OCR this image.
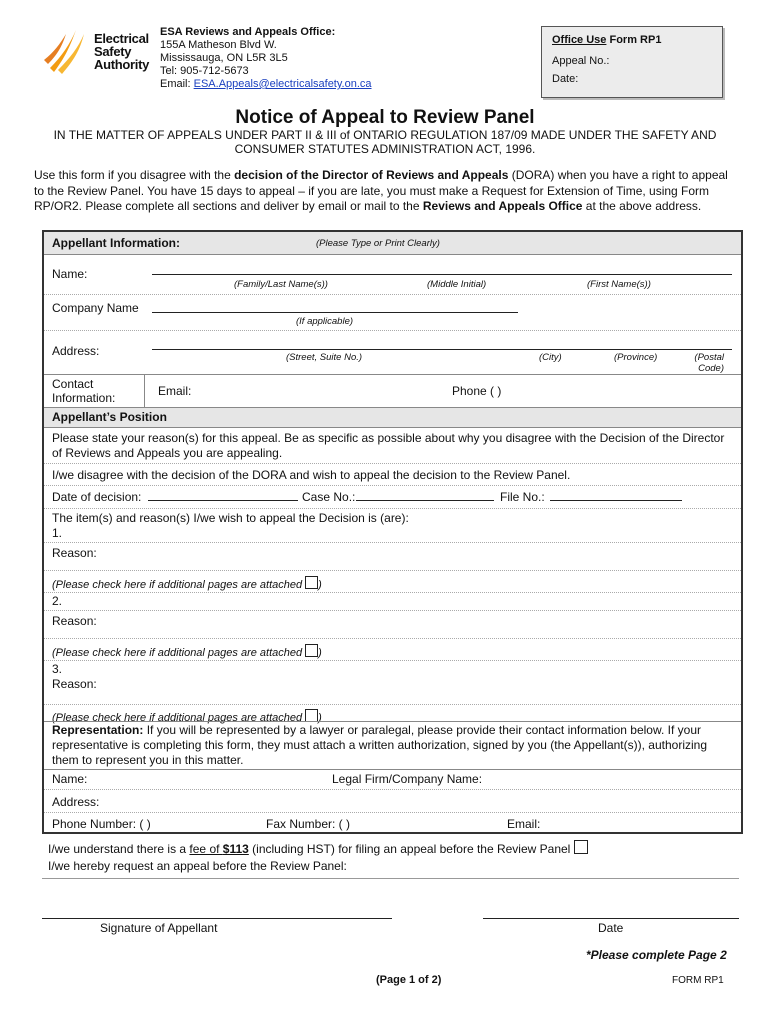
Electrical
Safety
Authority
ESA Reviews and Appeals Office:
155A Matheson Blvd W.
Mississauga, ON L5R 3L5
Tel: 905-712-5673
Email: ESA.Appeals@electricalsafety.on.ca
Office Use Form RP1
Appeal No.:
Date:
Notice of Appeal to Review Panel
IN THE MATTER OF APPEALS UNDER PART II & III of ONTARIO REGULATION 187/09 MADE UNDER THE SAFETY AND CONSUMER STATUTES ADMINISTRATION ACT, 1996.
Use this form if you disagree with the decision of the Director of Reviews and Appeals (DORA) when you have a right to appeal to the Review Panel. You have 15 days to appeal – if you are late, you must make a Request for Extension of Time, using Form RP/OR2. Please complete all sections and deliver by email or mail to the Reviews and Appeals Office at the above address.
Appellant Information:	(Please Type or Print Clearly)
Name:
(Family/Last Name(s))	(Middle Initial)	(First Name(s))
Company Name
(If applicable)
Address:	(Street, Suite No.)	(City)	(Province)	(Postal
Code)
Contact
Information:	Email:	Phone ( )
Appellant’s Position
Please state your reason(s) for this appeal. Be as specific as possible about why you disagree with the Decision of the Director of Reviews and Appeals you are appealing.
I/we disagree with the decision of the DORA and wish to appeal the decision to the Review Panel.
Date of decision:	Case No.:	File No.:
The item(s) and reason(s) I/we wish to appeal the Decision is (are):
1.
Reason:
(Please check here if additional pages are attached )
2.
Reason:
(Please check here if additional pages are attached )
3.
Reason:
(Please check here if additional pages are attached )
Representation: If you will be represented by a lawyer or paralegal, please provide their contact information below. If your representative is completing this form, they must attach a written authorization, signed by you (the Appellant(s)), authorizing them to represent you in this matter.
Name:	Legal Firm/Company Name:
Address:
Phone Number: ( )	Fax Number: ( )	Email:
I/we understand there is a fee of $113 (including HST) for filing an appeal before the Review Panel
I/we hereby request an appeal before the Review Panel:
Signature of Appellant	Date
*Please complete Page 2
(Page 1 of 2)	FORM RP1
